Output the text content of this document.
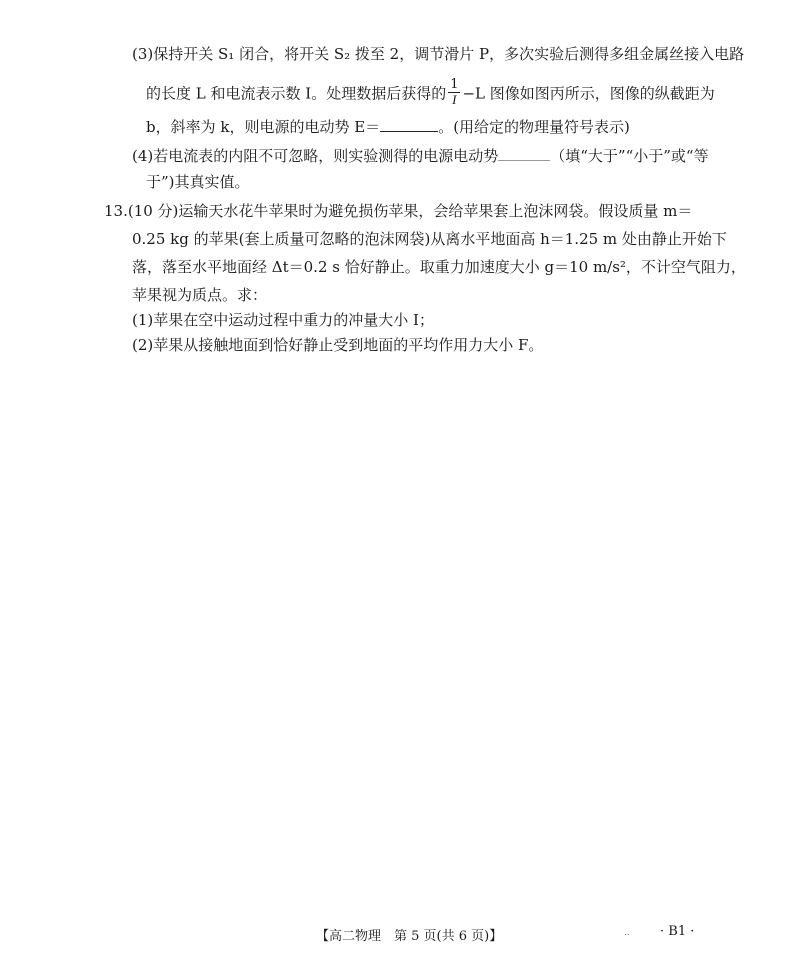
(3)保持开关 S₁ 闭合，将开关 S₂ 拨至 2，调节滑片 P，多次实验后测得多组金属丝接入电路
的长度 L 和电流表示数 I。处理数据后获得的 $\frac{1}{I} -L$ 图像如图丙所示，图像的纵截距为
b，斜率为 k，则电源的电动势 E＝	。(用给定的物理量符号表示)
(4)若电流表的内阻不可忽略，则实验测得的电源电动势	（填“大于”“小于”或“等
于”)其真实值。
13.(10 分)运输天水花牛苹果时为避免损伤苹果，会给苹果套上泡沫网袋。假设质量 m＝
0.25 kg 的苹果(套上质量可忽略的泡沫网袋)从离水平地面高 h＝1.25 m 处由静止开始下
落，落至水平地面经 Δt＝0.2 s 恰好静止。取重力加速度大小 g＝10 m/s²，不计空气阻力，
苹果视为质点。求：
(1)苹果在空中运动过程中重力的冲量大小 I；
(2)苹果从接触地面到恰好静止受到地面的平均作用力大小 F。
【高二物理　第 5 页(共 6 页)】	.. · B1 ·
